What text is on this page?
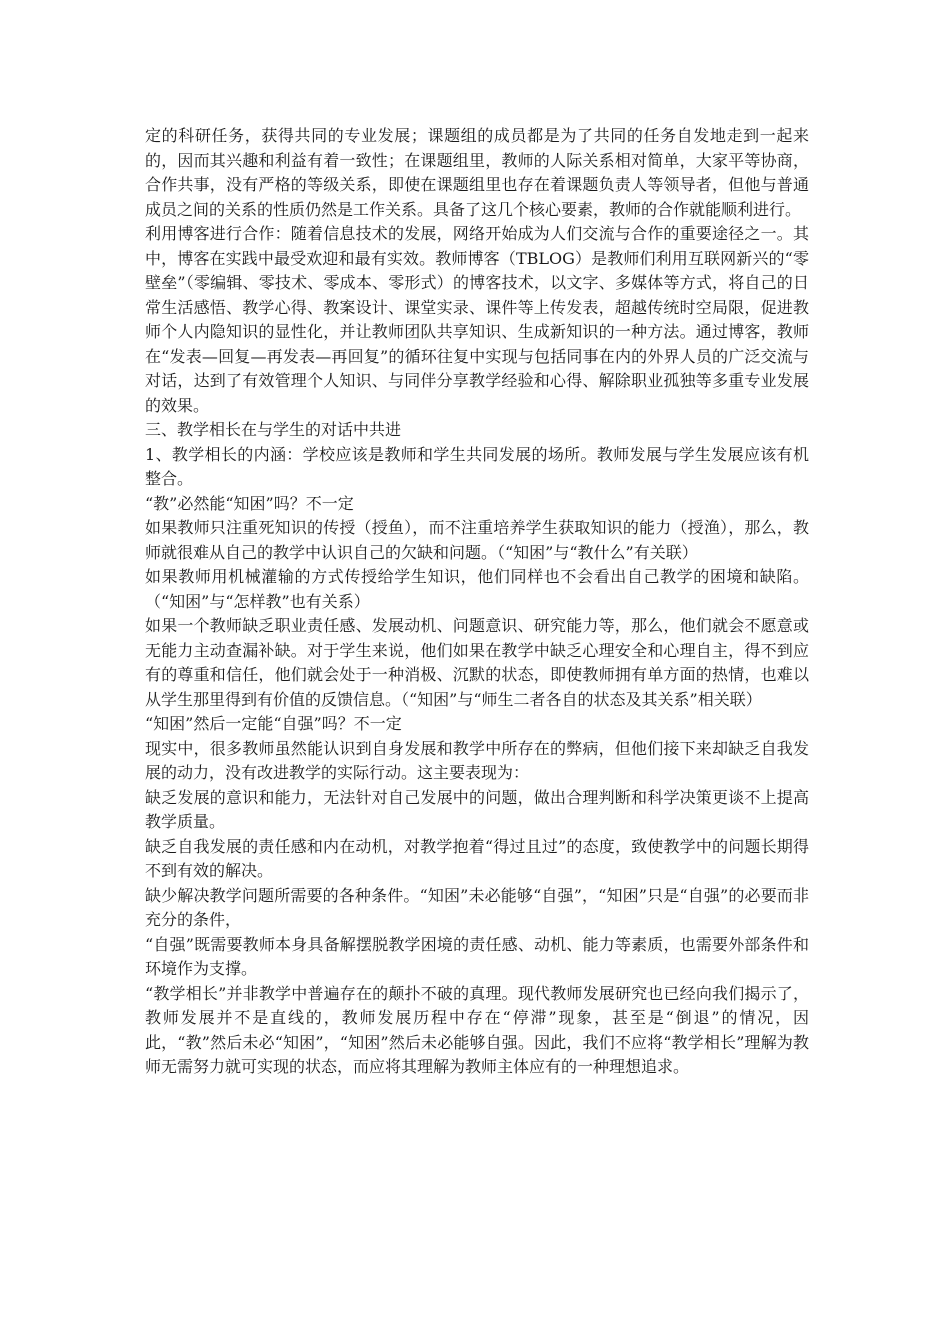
定的科研任务，获得共同的专业发展；课题组的成员都是为了共同的任务自发地走到一起来的，因而其兴趣和利益有着一致性；在课题组里，教师的人际关系相对简单，大家平等协商，合作共事，没有严格的等级关系，即使在课题组里也存在着课题负责人等领导者，但他与普通成员之间的关系的性质仍然是工作关系。具备了这几个核心要素，教师的合作就能顺利进行。

利用博客进行合作：随着信息技术的发展，网络开始成为人们交流与合作的重要途径之一。其中，博客在实践中最受欢迎和最有实效。教师博客（TBLOG）是教师们利用互联网新兴的“零壁垒”（零编辑、零技术、零成本、零形式）的博客技术，以文字、多媒体等方式，将自己的日常生活感悟、教学心得、教案设计、课堂实录、课件等上传发表，超越传统时空局限，促进教师个人内隐知识的显性化，并让教师团队共享知识、生成新知识的一种方法。通过博客，教师在“发表—回复—再发表—再回复”的循环往复中实现与包括同事在内的外界人员的广泛交流与对话，达到了有效管理个人知识、与同伴分享教学经验和心得、解除职业孤独等多重专业发展的效果。

三、教学相长在与学生的对话中共进

1、教学相长的内涵：学校应该是教师和学生共同发展的场所。教师发展与学生发展应该有机整合。

“教”必然能“知困”吗？不一定

如果教师只注重死知识的传授（授鱼），而不注重培养学生获取知识的能力（授渔），那么，教师就很难从自己的教学中认识自己的欠缺和问题。（“知困”与“教什么”有关联）

如果教师用机械灌输的方式传授给学生知识，他们同样也不会看出自己教学的困境和缺陷。（“知困”与“怎样教”也有关系）

如果一个教师缺乏职业责任感、发展动机、问题意识、研究能力等，那么，他们就会不愿意或无能力主动查漏补缺。对于学生来说，他们如果在教学中缺乏心理安全和心理自主，得不到应有的尊重和信任，他们就会处于一种消极、沉默的状态，即使教师拥有单方面的热情，也难以从学生那里得到有价值的反馈信息。（“知困”与“师生二者各自的状态及其关系”相关联）

“知困”然后一定能“自强”吗？不一定

现实中，很多教师虽然能认识到自身发展和教学中所存在的弊病，但他们接下来却缺乏自我发展的动力，没有改进教学的实际行动。这主要表现为：

缺乏发展的意识和能力，无法针对自己发展中的问题，做出合理判断和科学决策更谈不上提高教学质量。

缺乏自我发展的责任感和内在动机，对教学抱着“得过且过”的态度，致使教学中的问题长期得不到有效的解决。

缺少解决教学问题所需要的各种条件。“知困”未必能够“自强”，“知困”只是“自强”的必要而非充分的条件，

“自强”既需要教师本身具备解摆脱教学困境的责任感、动机、能力等素质，也需要外部条件和环境作为支撑。

“教学相长”并非教学中普遍存在的颠扑不破的真理。现代教师发展研究也已经向我们揭示了，教师发展并不是直线的，教师发展历程中存在“停滞”现象，甚至是“倒退”的情况，因此，“教”然后未必“知困”，“知困”然后未必能够自强。因此，我们不应将“教学相长”理解为教师无需努力就可实现的状态，而应将其理解为教师主体应有的一种理想追求。
